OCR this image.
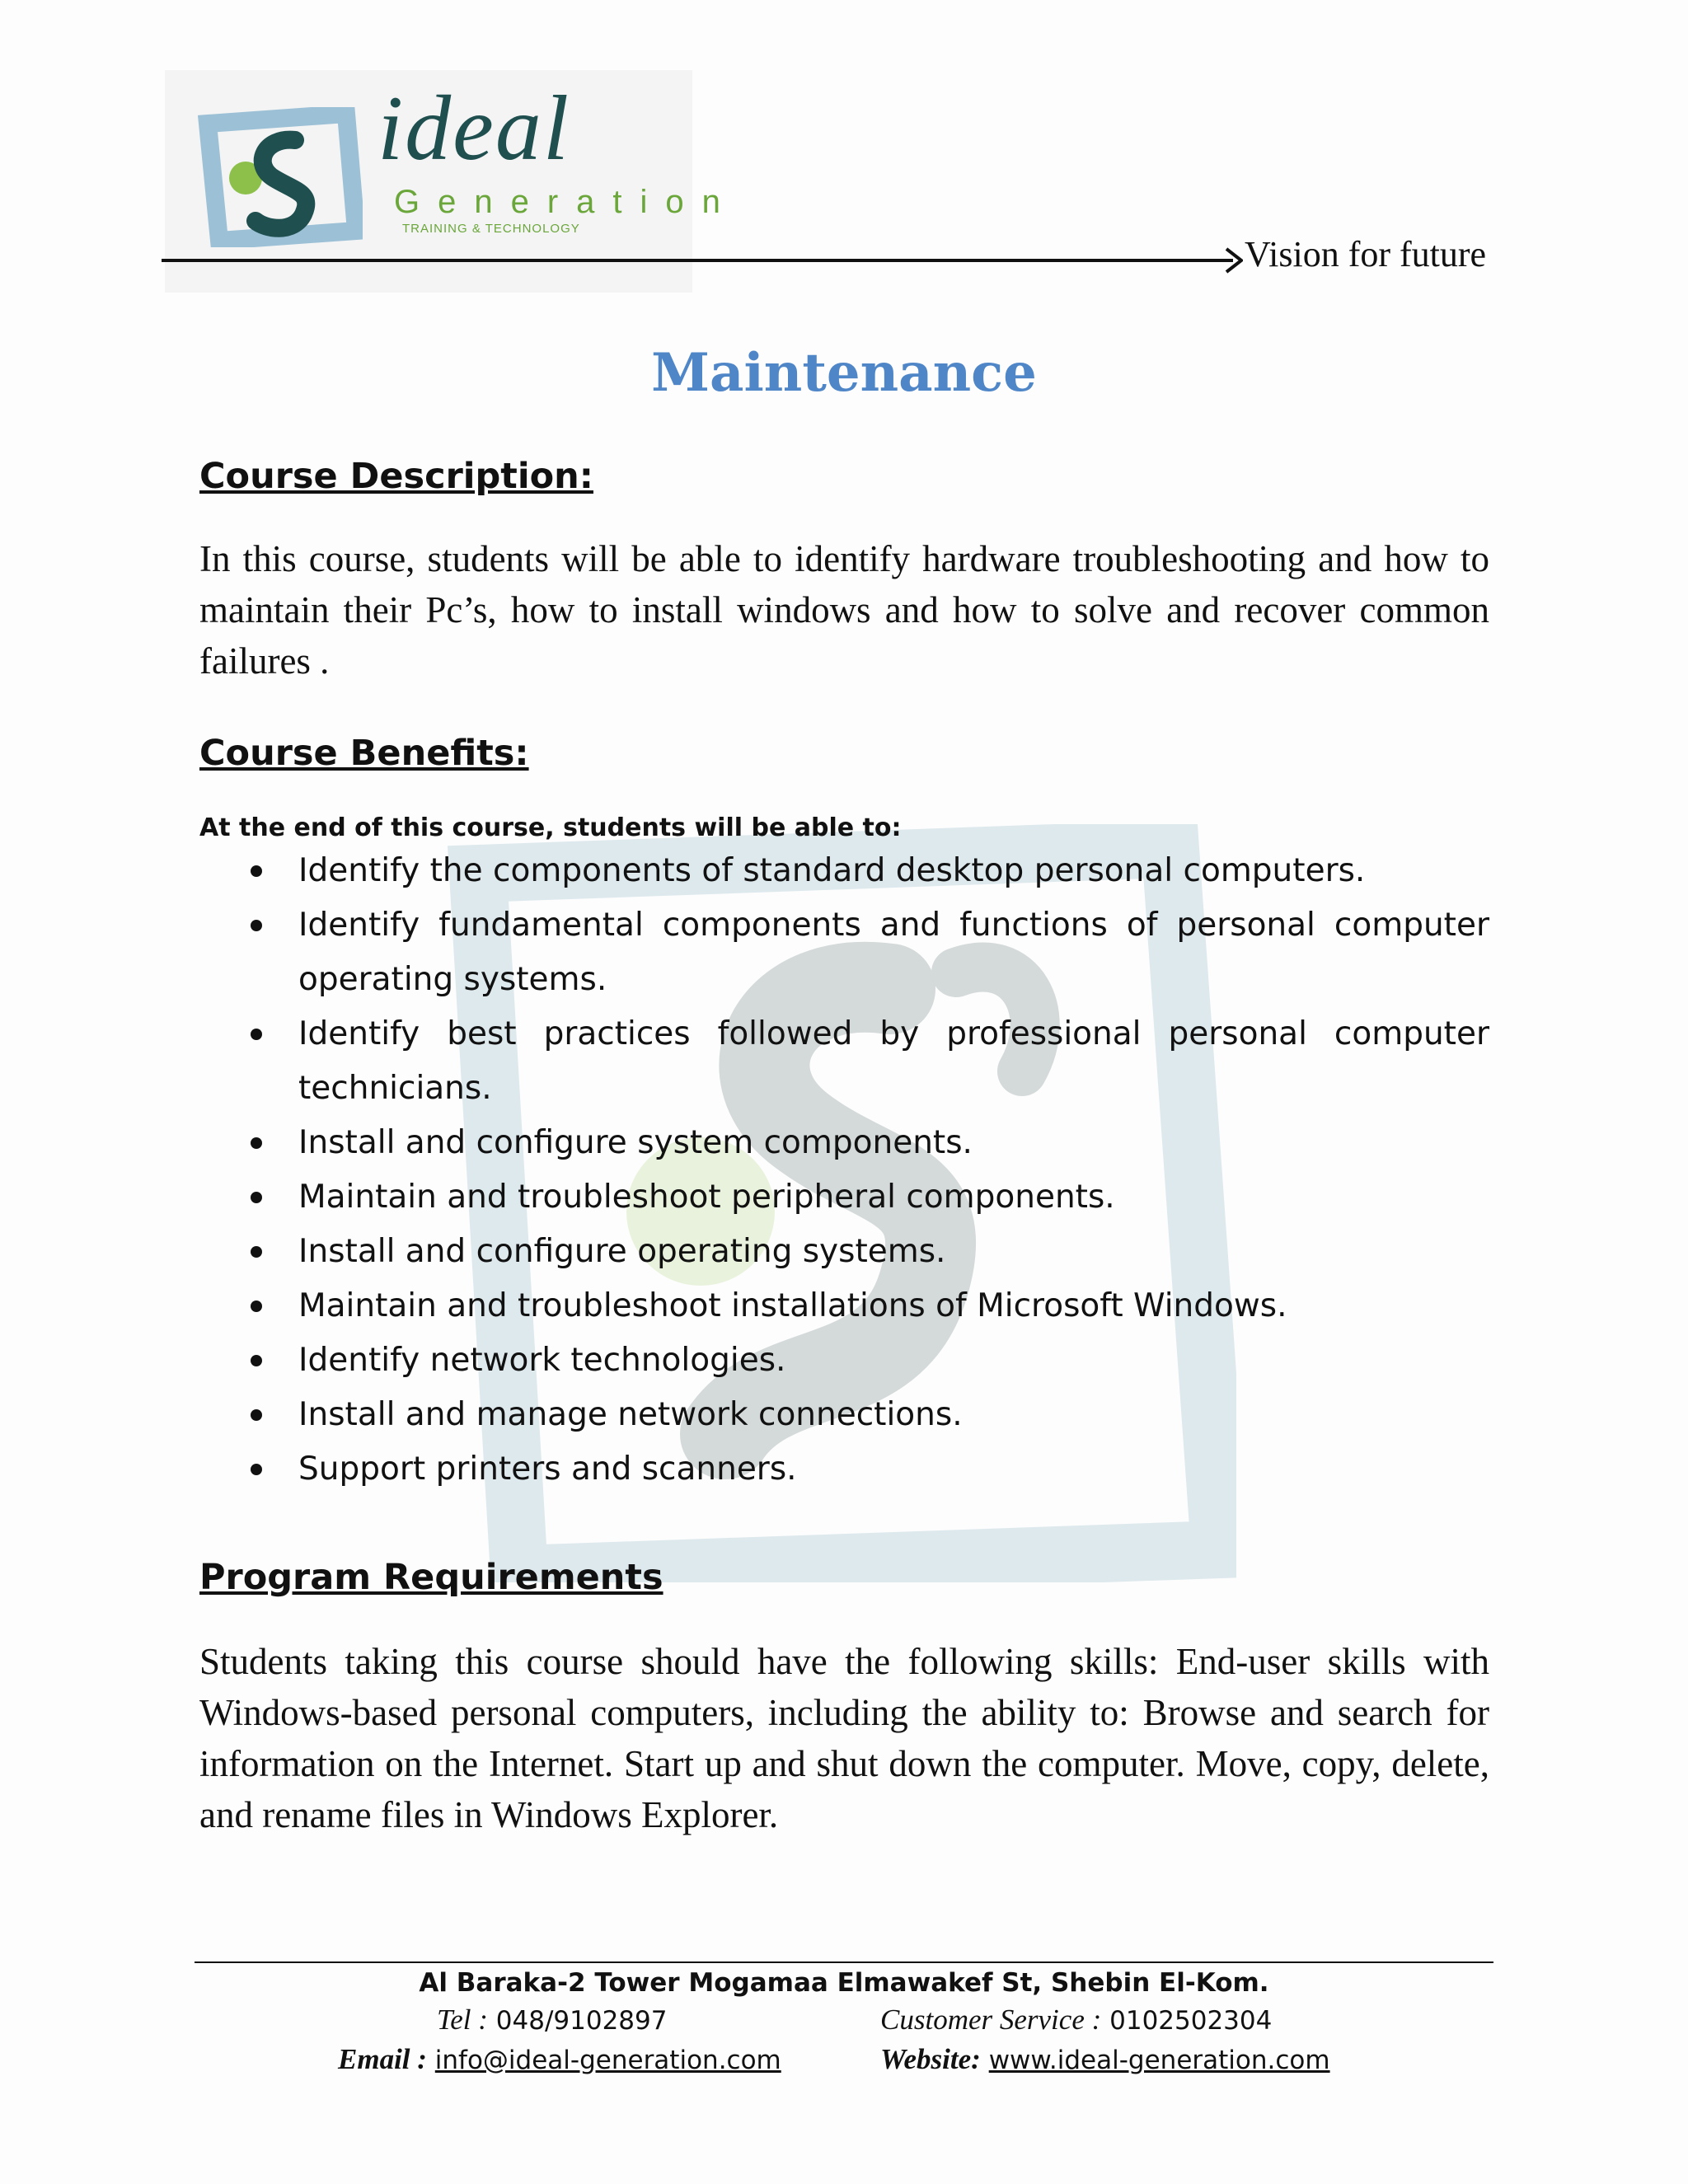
ideal
Generation
TRAINING & TECHNOLOGY
Vision for future
Maintenance
Course Description:
In this course, students will be able to identify hardware troubleshooting and how to maintain their Pc’s, how to install windows and how to solve and recover common failures .
Course Benefits:
At the end of this course, students will be able to:
Identify the components of standard desktop personal computers.
Identify fundamental components and functions of personal computer operating systems.
Identify best practices followed by professional personal computer technicians.
Install and configure system components.
Maintain and troubleshoot peripheral components.
Install and configure operating systems.
Maintain and troubleshoot installations of Microsoft Windows.
Identify network technologies.
Install and manage network connections.
Support printers and scanners.
Program Requirements
Students taking this course should have the following skills: End-user skills with Windows-based personal computers, including the ability to: Browse and search for information on the Internet. Start up and shut down the computer. Move, copy, delete, and rename files in Windows Explorer.
Al Baraka-2 Tower Mogamaa Elmawakef St, Shebin El-Kom.
Tel : 048/9102897	Customer Service : 0102502304
Email : info@ideal-generation.com	Website: www.ideal-generation.com
